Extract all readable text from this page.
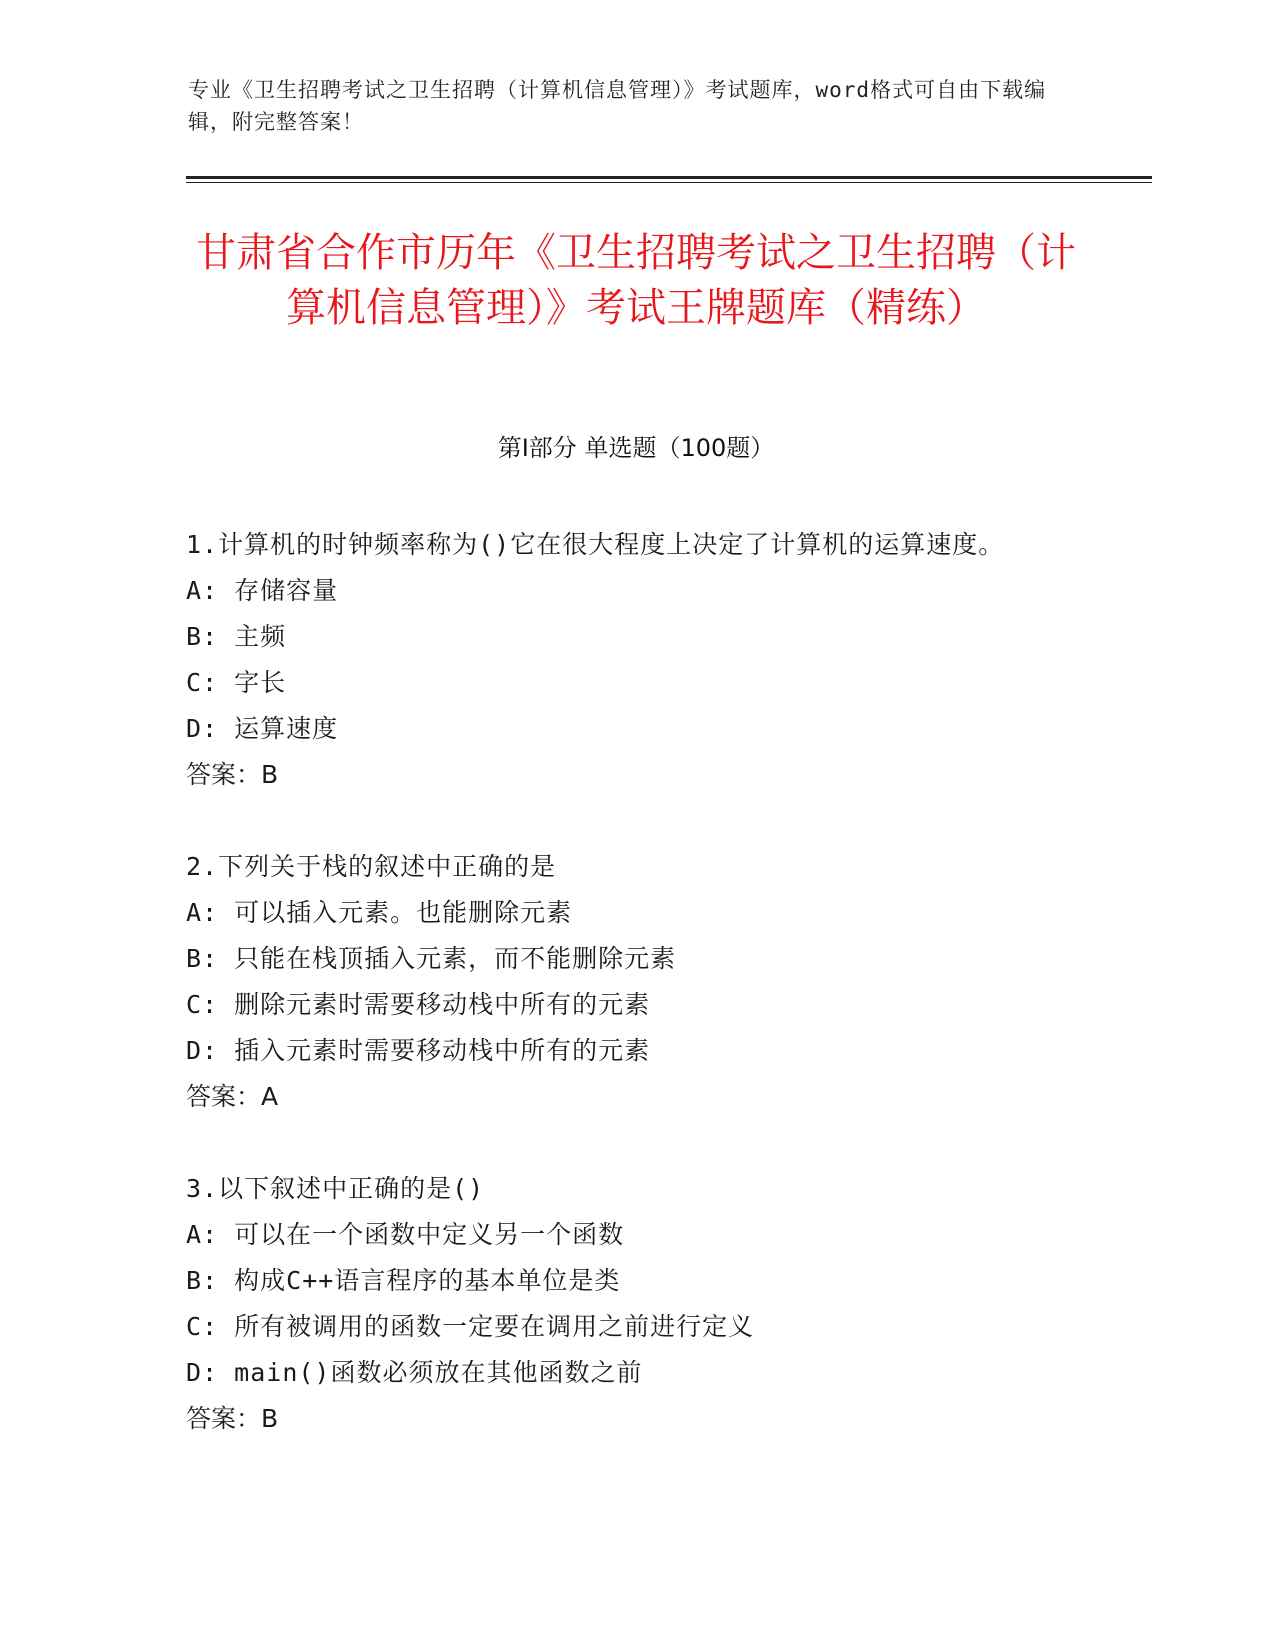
专业《卫生招聘考试之卫生招聘（计算机信息管理）》考试题库，word格式可自由下载编辑，附完整答案！
甘肃省合作市历年《卫生招聘考试之卫生招聘（计算机信息管理）》考试王牌题库（精练）
第Ⅰ部分 单选题（100题）
1.计算机的时钟频率称为()它在很大程度上决定了计算机的运算速度。
A: 存储容量
B: 主频
C: 字长
D: 运算速度
答案：B
2.下列关于栈的叙述中正确的是
A: 可以插入元素。也能删除元素
B: 只能在栈顶插入元素，而不能删除元素
C: 删除元素时需要移动栈中所有的元素
D: 插入元素时需要移动栈中所有的元素
答案：A
3.以下叙述中正确的是()
A: 可以在一个函数中定义另一个函数
B: 构成C++语言程序的基本单位是类
C: 所有被调用的函数一定要在调用之前进行定义
D: main()函数必须放在其他函数之前
答案：B
